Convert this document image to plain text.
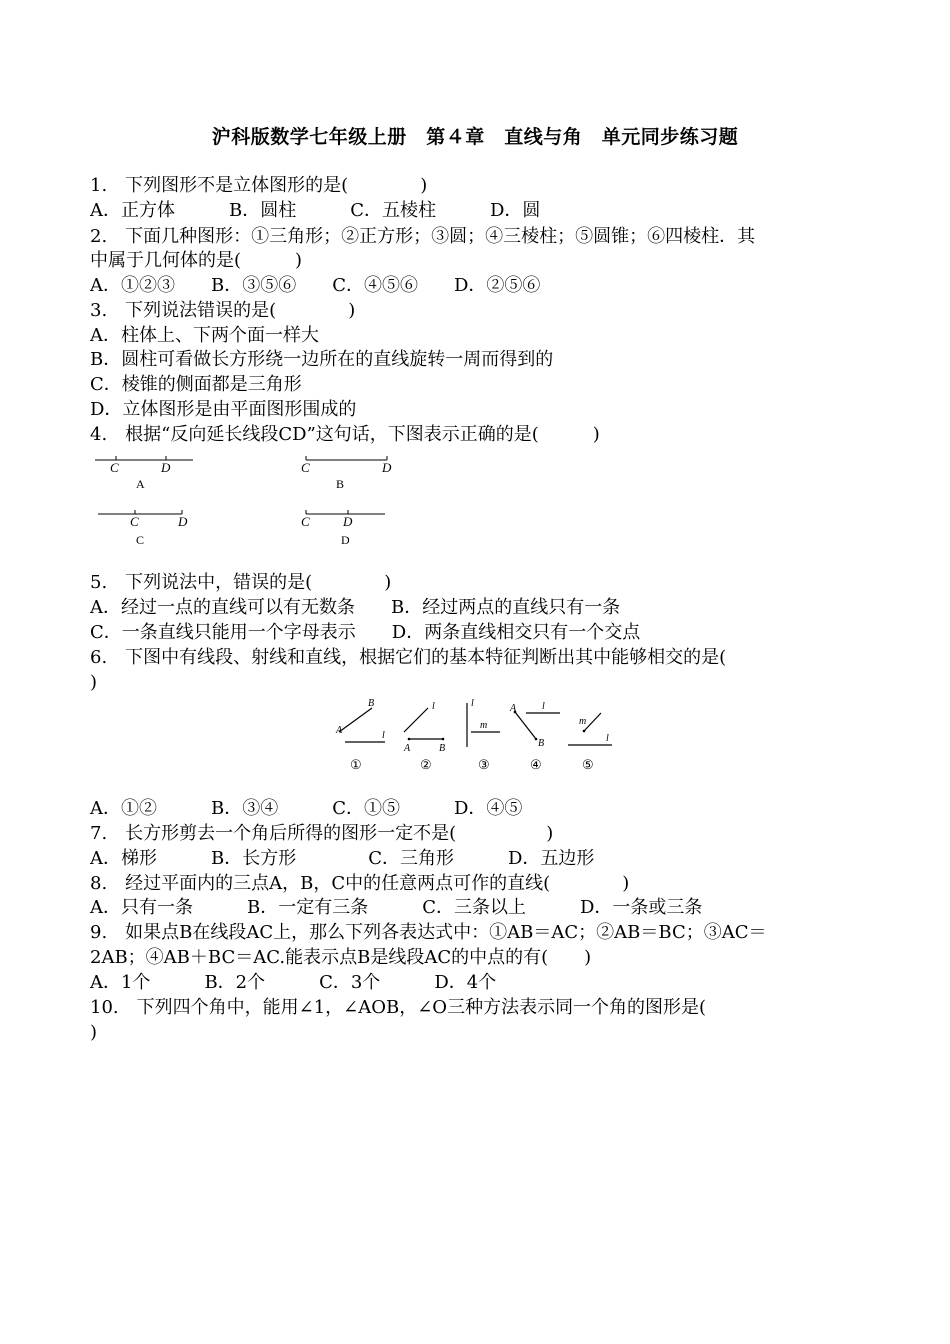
沪科版数学七年级上册　第４章　直线与角　单元同步练习题
1.　下列图形不是立体图形的是(　　　　)
A．正方体　　　B．圆柱　　　C．五棱柱　　　D．圆
2.　下面几种图形：①三角形；②正方形；③圆；④三棱柱；⑤圆锥；⑥四棱柱．其
中属于几何体的是(　　　)
A．①②③　　B．③⑤⑥　　C．④⑤⑥　　D．②⑤⑥
3.　下列说法错误的是(　　　　)
A．柱体上、下两个面一样大
B．圆柱可看做长方形绕一边所在的直线旋转一周而得到的
C．棱锥的侧面都是三角形
D．立体图形是由平面图形围成的
4.　根据“反向延长线段CD”这句话，下图表示正确的是(　　　)
C	D
A
C	D
B
C	D
C
C	D
D
5.　下列说法中，错误的是(　　　　)
A．经过一点的直线可以有无数条　　B．经过两点的直线只有一条
C．一条直线只能用一个字母表示　　D．两条直线相交只有一个交点
6.　下图中有线段、射线和直线，根据它们的基本特征判断出其中能够相交的是(
)
A
B
l
①
l
A	B
②
l
m
③
A	l
B
④
m
l
⑤
A．①②　　　B．③④　　　C．①⑤　　　D．④⑤
7.　长方形剪去一个角后所得的图形一定不是(　　　　　)
A．梯形　　　B．长方形　　　　C．三角形　　　D．五边形
8.　经过平面内的三点A，B，C中的任意两点可作的直线(　　　　)
A．只有一条　　　B．一定有三条　　　C．三条以上　　　D．一条或三条
9.　如果点B在线段AC上，那么下列各表达式中：①AB＝AC；②AB＝BC；③AC＝
2AB；④AB＋BC＝AC.能表示点B是线段AC的中点的有(　　)
A．1个　　　B．2个　　　C．3个　　　D．4个
10.　下列四个角中，能用∠1，∠AOB，∠O三种方法表示同一个角的图形是(
)
